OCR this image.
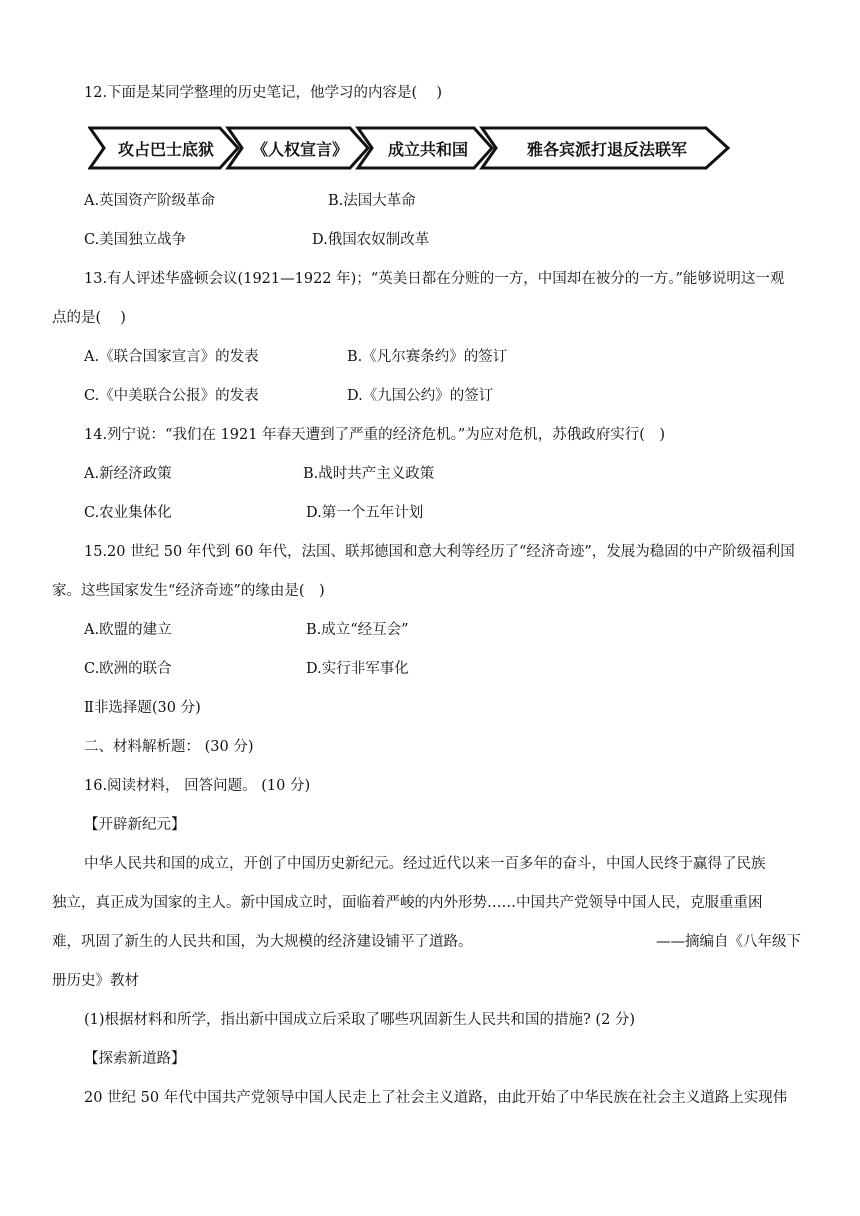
12.下面是某同学整理的历史笔记，他学习的内容是(　 )
攻占巴士底狱	《人权宣言》	成立共和国	雅各宾派打退反法联军
A.英国资产阶级革命	B.法国大革命
C.美国独立战争	D.俄国农奴制改革
13.有人评述华盛顿会议(1921—1922 年)；“英美日都在分赃的一方，中国却在被分的一方。”能够说明这一观
点的是(　 )
A.《联合国家宣言》的发表	B.《凡尔赛条约》的签订
C.《中美联合公报》的发表	D.《九国公约》的签订
14.列宁说：“我们在 1921 年春天遭到了严重的经济危机。”为应对危机，苏俄政府实行(　)
A.新经济政策	B.战时共产主义政策
C.农业集体化	D.第一个五年计划
15.20 世纪 50 年代到 60 年代，法国、联邦德国和意大利等经历了“经济奇迹”，发展为稳固的中产阶级福利国
家。这些国家发生“经济奇迹”的缘由是(　)
A.欧盟的建立	B.成立“经互会”
C.欧洲的联合	D.实行非军事化
Ⅱ非选择题(30 分)
二、材料解析题： (30 分)
16.阅读材料， 回答问题。 (10 分)
【开辟新纪元】
中华人民共和国的成立，开创了中国历史新纪元。经过近代以来一百多年的奋斗，中国人民终于赢得了民族
独立，真正成为国家的主人。新中国成立时，面临着严峻的内外形势……中国共产党领导中国人民，克服重重困
难，巩固了新生的人民共和国，为大规模的经济建设铺平了道路。	——摘编自《八年级下
册历史》教材
(1)根据材料和所学，指出新中国成立后采取了哪些巩固新生人民共和国的措施? (2 分)
【探索新道路】
20 世纪 50 年代中国共产党领导中国人民走上了社会主义道路，由此开始了中华民族在社会主义道路上实现伟
